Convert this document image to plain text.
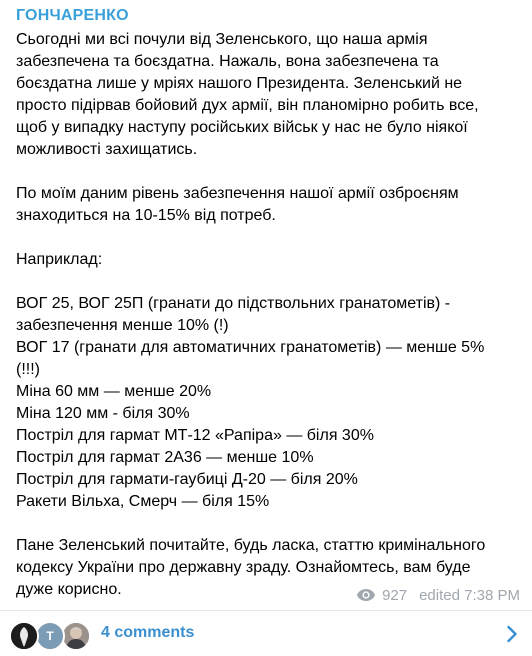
ГОНЧАРЕНКО
Сьогодні ми всі почули від Зеленського, що наша армія
забезпечена та боєздатна. Нажаль, вона забезпечена та
боєздатна лише у мріях нашого Президента. Зеленський не
просто підірвав бойовий дух армії, він планомірно робить все,
щоб у випадку наступу російських військ у нас не було ніякої
можливості захищатись.
По моїм даним рівень забезпечення нашої армії озброєням
знаходиться на 10-15% від потреб.
Наприклад:
ВОГ 25, ВОГ 25П (гранати до підствольних гранатометів) -
забезпечення менше 10% (!)
ВОГ 17 (гранати для автоматичних гранатометів) — менше 5%
(!!!)
Міна 60 мм — менше 20%
Міна 120 мм - біля 30%
Постріл для гармат МТ-12 «Рапіра» — біля 30%
Постріл для гармат 2А36 — менше 10%
Постріл для гармати-гаубиці Д-20 — біля 20%
Ракети Вільха, Смерч — біля 15%
Пане Зеленський почитайте, будь ласка, статтю кримінального
кодексу України про державну зраду. Ознайомтесь, вам буде
дуже корисно.	927 edited 7:38 PM
T	4 comments
